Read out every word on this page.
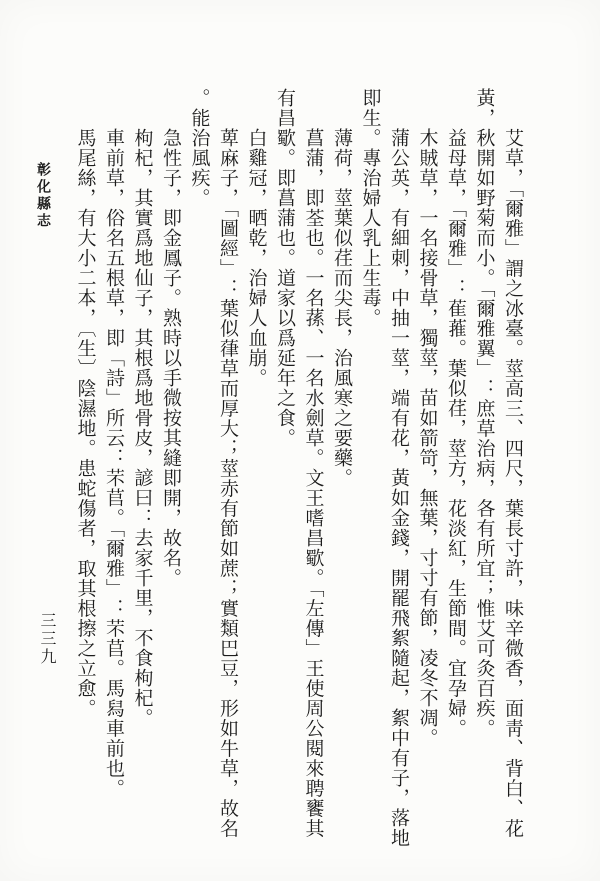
彰化縣志
三三九	艾草，「爾雅」謂之冰臺。莖高三、四尺，葉長寸許，味辛微香，面靑、背白、花
黃，秋開如野菊而小。「爾雅翼」：庶草治病，各有所宜；惟艾可灸百疾。
益母草，「爾雅」：萑蓷。葉似荏，莖方，花淡紅，生節間。宜孕婦。
木賊草，一名接骨草，獨莖，苗如箭笴，無葉，寸寸有節，凌冬不凋。
蒲公英，有細刺，中抽一莖，端有花，黃如金錢，開罷飛絮隨起，絮中有子，落地
即生。專治婦人乳上生毒。
薄荷，莖葉似荏而尖長，治風寒之要藥。
菖蒲，即荃也。一名蓀、一名水劍草。文王嗜昌歜。「左傳」王使周公閱來聘饔其
有昌歜。即菖蒲也。道家以爲延年之食。
白雞冠，晒乾，治婦人血崩。
萆麻子，「圖經」：葉似葎草而厚大；莖赤有節如蔗；實類巴豆，形如牛草，故名
。能治風疾。
急性子，即金鳳子。熟時以手微按其縫即開，故名。
枸杞，其實爲地仙子，其根爲地骨皮，諺曰：去家千里，不食枸杞。
車前草，俗名五根草，即「詩」所云：芣苢。「爾雅」：芣苢。馬舄車前也。
馬尾絲，有大小二本，〔生〕陰濕地。患蛇傷者，取其根擦之立愈。
